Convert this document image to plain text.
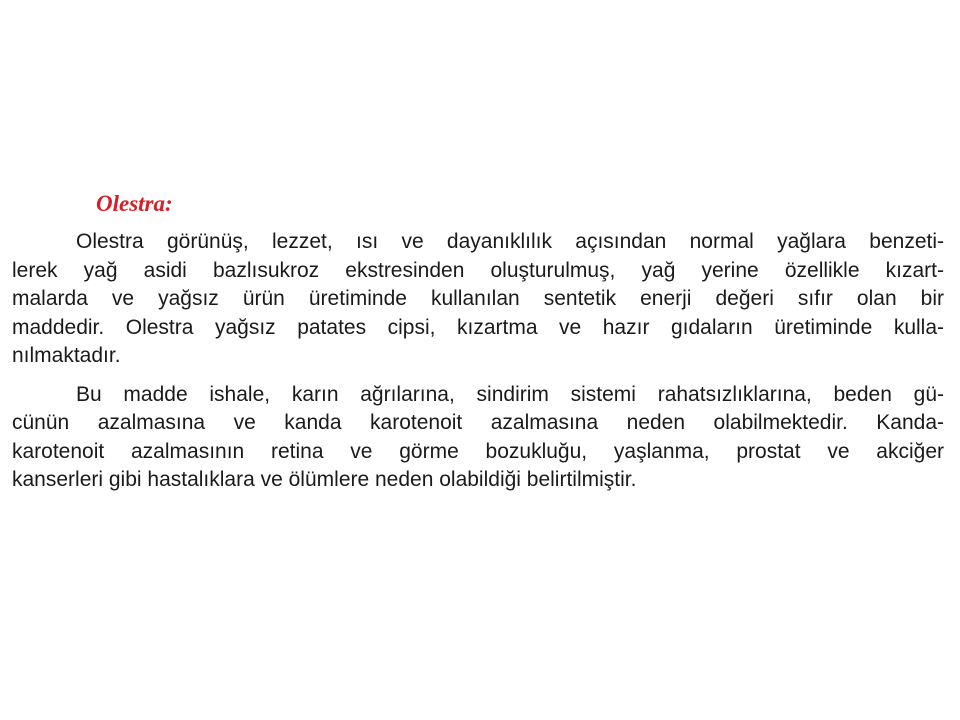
Olestra:

Olestra görünüş, lezzet, ısı ve dayanıklılık açısından normal yağlara benzeti-
lerek yağ asidi bazlısukroz ekstresinden oluşturulmuş, yağ yerine özellikle kızart-
malarda ve yağsız ürün üretiminde kullanılan sentetik enerji değeri sıfır olan bir
maddedir. Olestra yağsız patates cipsi, kızartma ve hazır gıdaların üretiminde kulla-
nılmaktadır.

Bu madde ishale, karın ağrılarına, sindirim sistemi rahatsızlıklarına, beden gü-
cünün azalmasına ve kanda karotenoit azalmasına neden olabilmektedir. Kanda-
karotenoit azalmasının retina ve görme bozukluğu, yaşlanma, prostat ve akciğer
kanserleri gibi hastalıklara ve ölümlere neden olabildiği belirtilmiştir.
